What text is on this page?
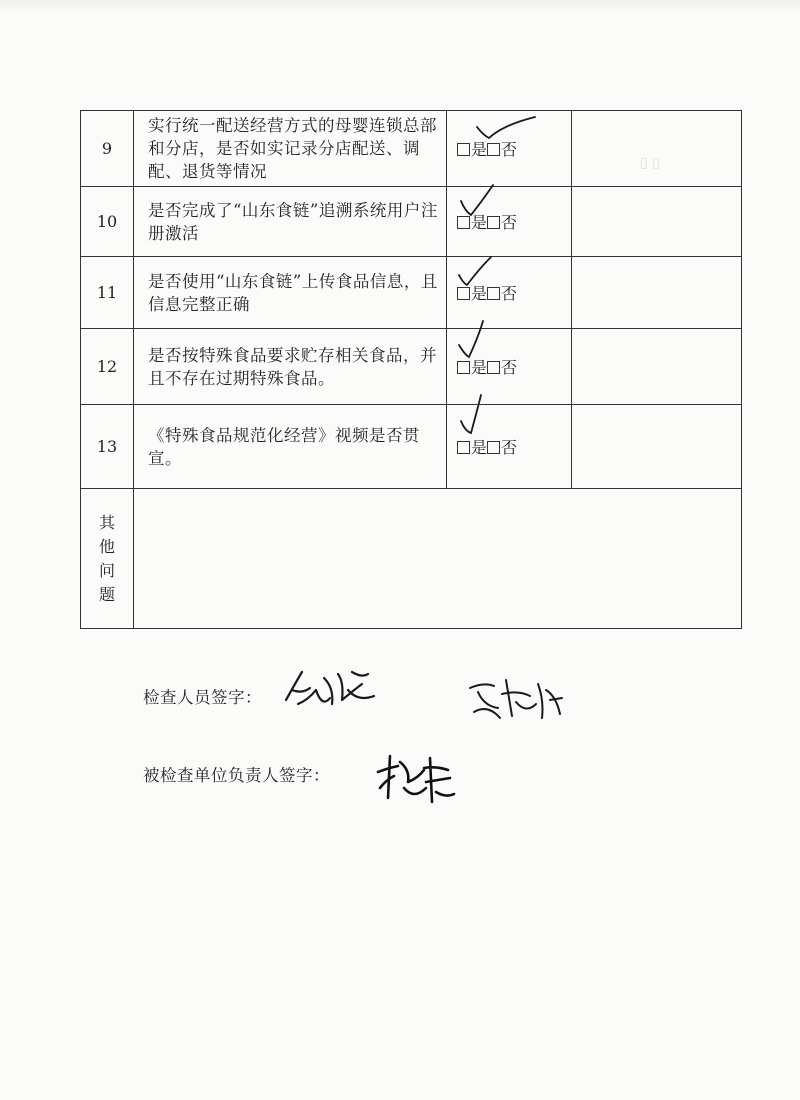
▯ ▯
9	实行统一配送经营方式的母婴连锁总部和分店，是否如实记录分店配送、调配、退货等情况	是 否

10	是否完成了“山东食链”追溯系统用户注册激活	是 否

11	是否使用“山东食链”上传食品信息，且信息完整正确	是 否

12	是否按特殊食品要求贮存相关食品，并且不存在过期特殊食品。	是 否

13	《特殊食品规范化经营》视频是否贯宣。	是 否

其
他
问
题			

检查人员签字：
被检查单位负责人签字：
